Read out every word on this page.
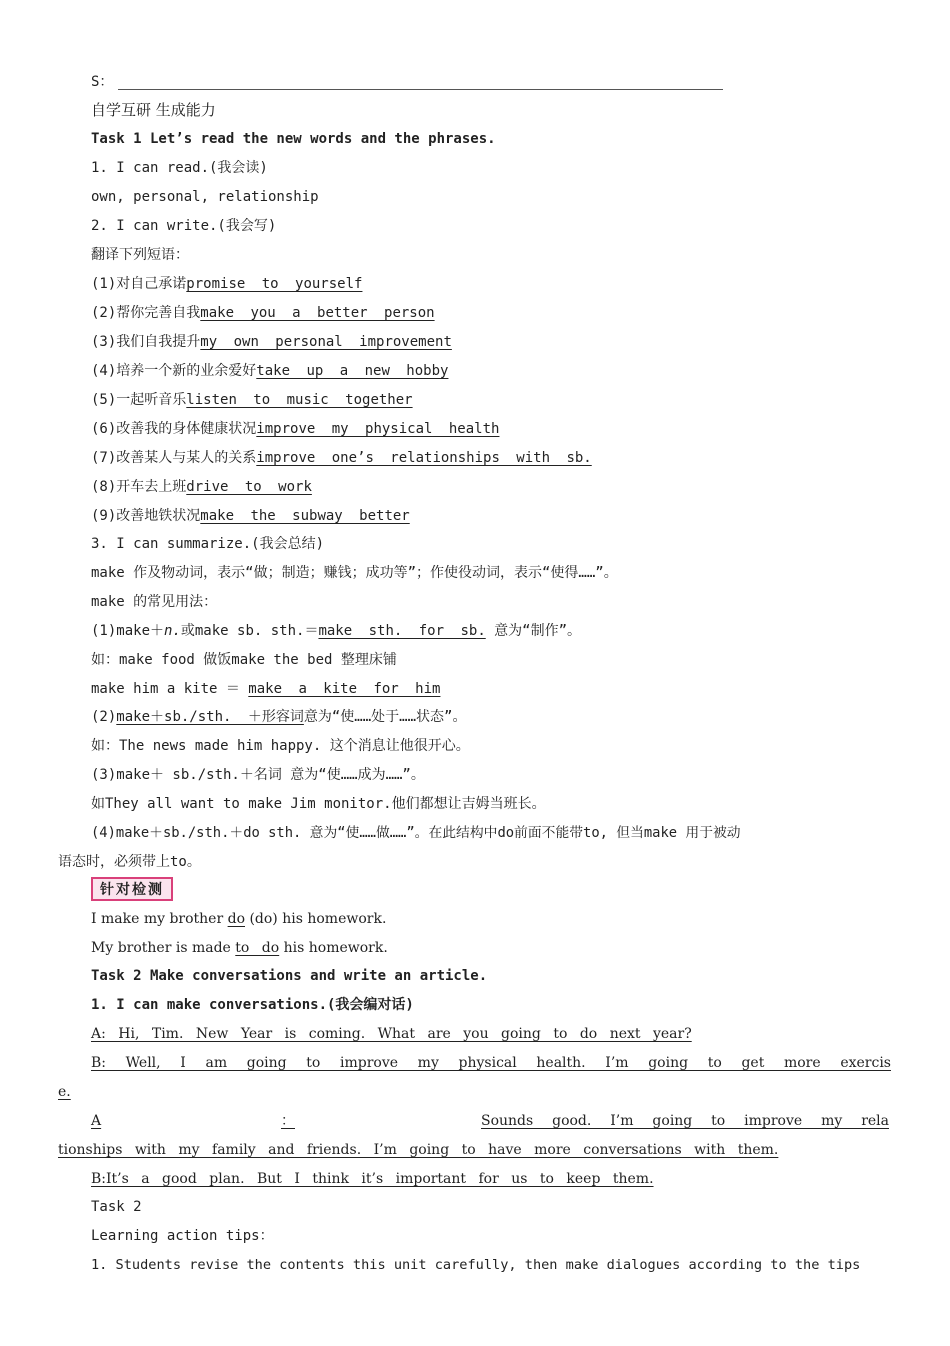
S：
自学互研 生成能力
Task 1 Let’s read the new words and the phrases.
1. I can read.(我会读)
own, personal, relationship
2. I can write.(我会写)
翻译下列短语：
(1)对自己承诺promise to yourself
(2)帮你完善自我make you a better person
(3)我们自我提升my own personal improvement
(4)培养一个新的业余爱好take up a new hobby
(5)一起听音乐listen to music together
(6)改善我的身体健康状况improve my physical health
(7)改善某人与某人的关系improve one’s relationships with sb.
(8)开车去上班drive to work
(9)改善地铁状况make the subway better
3. I can summarize.(我会总结)
make 作及物动词，表示“做；制造；赚钱；成功等”；作使役动词，表示“使得……”。
make 的常见用法：
(1)make＋n.或make sb. sth.＝make sth. for sb. 意为“制作”。
如：make food 做饭make the bed 整理床铺
make him a kite ＝ make a kite for him
(2)make＋sb./sth. ＋形容词意为“使……处于……状态”。
如：The news made him happy. 这个消息让他很开心。
(3)make＋ sb./sth.＋名词 意为“使……成为……”。
如They all want to make Jim monitor.他们都想让吉姆当班长。
(4)make＋sb./sth.＋do sth. 意为“使……做……”。在此结构中do前面不能带to, 但当make 用于被动
语态时，必须带上to。
针对检测
I make my brother do (do) his homework.
My brother is made to do his homework.
Task 2 Make conversations and write an article.
1. I can make conversations.(我会编对话)
A: Hi, Tim. New Year is coming. What are you going to do next year?
B: Well, I am going to improve my physical health. I’m going to get more exercis
e.
A	：	Sounds good. I’m going to improve my rela
tionships with my family and friends. I’m going to have more conversations with them.
B:It’s a good plan. But I think it’s important for us to keep them.
Task 2
Learning action tips：
1. Students revise the contents this unit carefully, then make dialogues according to the tips
